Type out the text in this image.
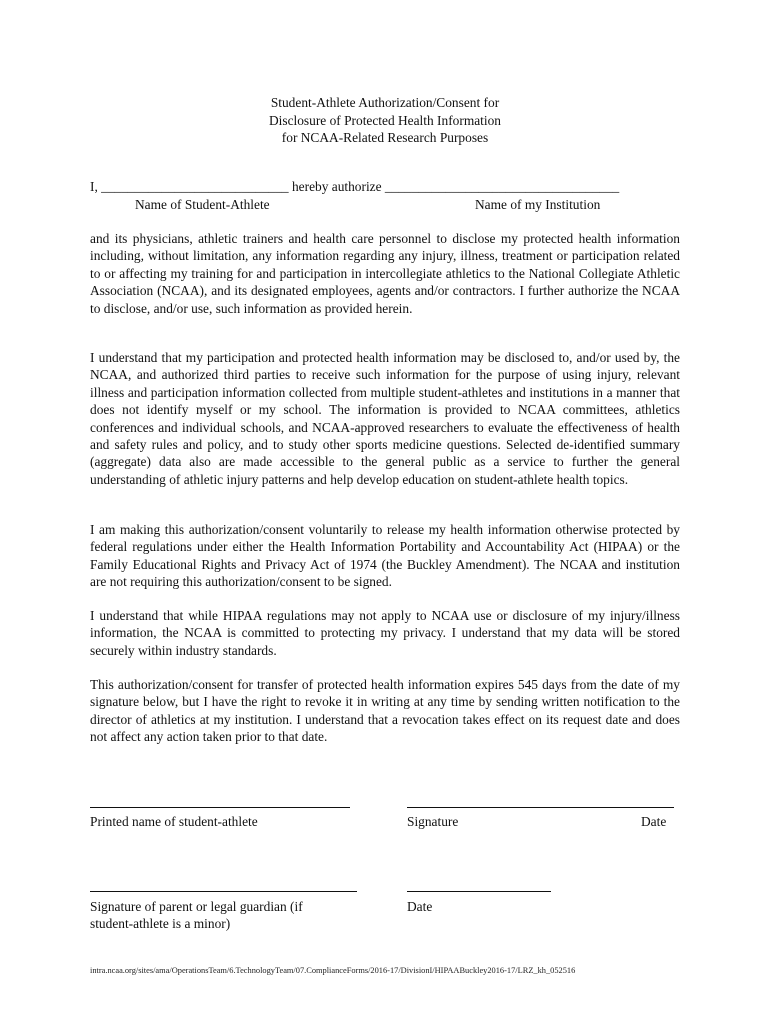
Student-Athlete Authorization/Consent for
Disclosure of Protected Health Information
for NCAA-Related Research Purposes
I, ____________________________ hereby authorize ___________________________________
Name of Student-Athlete	Name of my Institution

and its physicians, athletic trainers and health care personnel to disclose my protected health information including, without limitation, any information regarding any injury, illness, treatment or participation related to or affecting my training for and participation in intercollegiate athletics to the National Collegiate Athletic Association (NCAA), and its designated employees, agents and/or contractors. I further authorize the NCAA to disclose, and/or use, such information as provided herein.

I understand that my participation and protected health information may be disclosed to, and/or used by, the NCAA, and authorized third parties to receive such information for the purpose of using injury, relevant illness and participation information collected from multiple student-athletes and institutions in a manner that does not identify myself or my school. The information is provided to NCAA committees, athletics conferences and individual schools, and NCAA-approved researchers to evaluate the effectiveness of health and safety rules and policy, and to study other sports medicine questions. Selected de-identified summary (aggregate) data also are made accessible to the general public as a service to further the general understanding of athletic injury patterns and help develop education on student-athlete health topics.

I am making this authorization/consent voluntarily to release my health information otherwise protected by federal regulations under either the Health Information Portability and Accountability Act (HIPAA) or the Family Educational Rights and Privacy Act of 1974 (the Buckley Amendment). The NCAA and institution are not requiring this authorization/consent to be signed.

I understand that while HIPAA regulations may not apply to NCAA use or disclosure of my injury/illness information, the NCAA is committed to protecting my privacy. I understand that my data will be stored securely within industry standards.

This authorization/consent for transfer of protected health information expires 545 days from the date of my signature below, but I have the right to revoke it in writing at any time by sending written notification to the director of athletics at my institution. I understand that a revocation takes effect on its request date and does not affect any action taken prior to that date.

Printed name of student-athlete	Signature	Date
Signature of parent or legal guardian (if student-athlete is a minor)
Date
intra.ncaa.org/sites/ama/OperationsTeam/6.TechnologyTeam/07.ComplianceForms/2016-17/DivisionI/HIPAABuckley2016-17/LRZ_kh_052516
